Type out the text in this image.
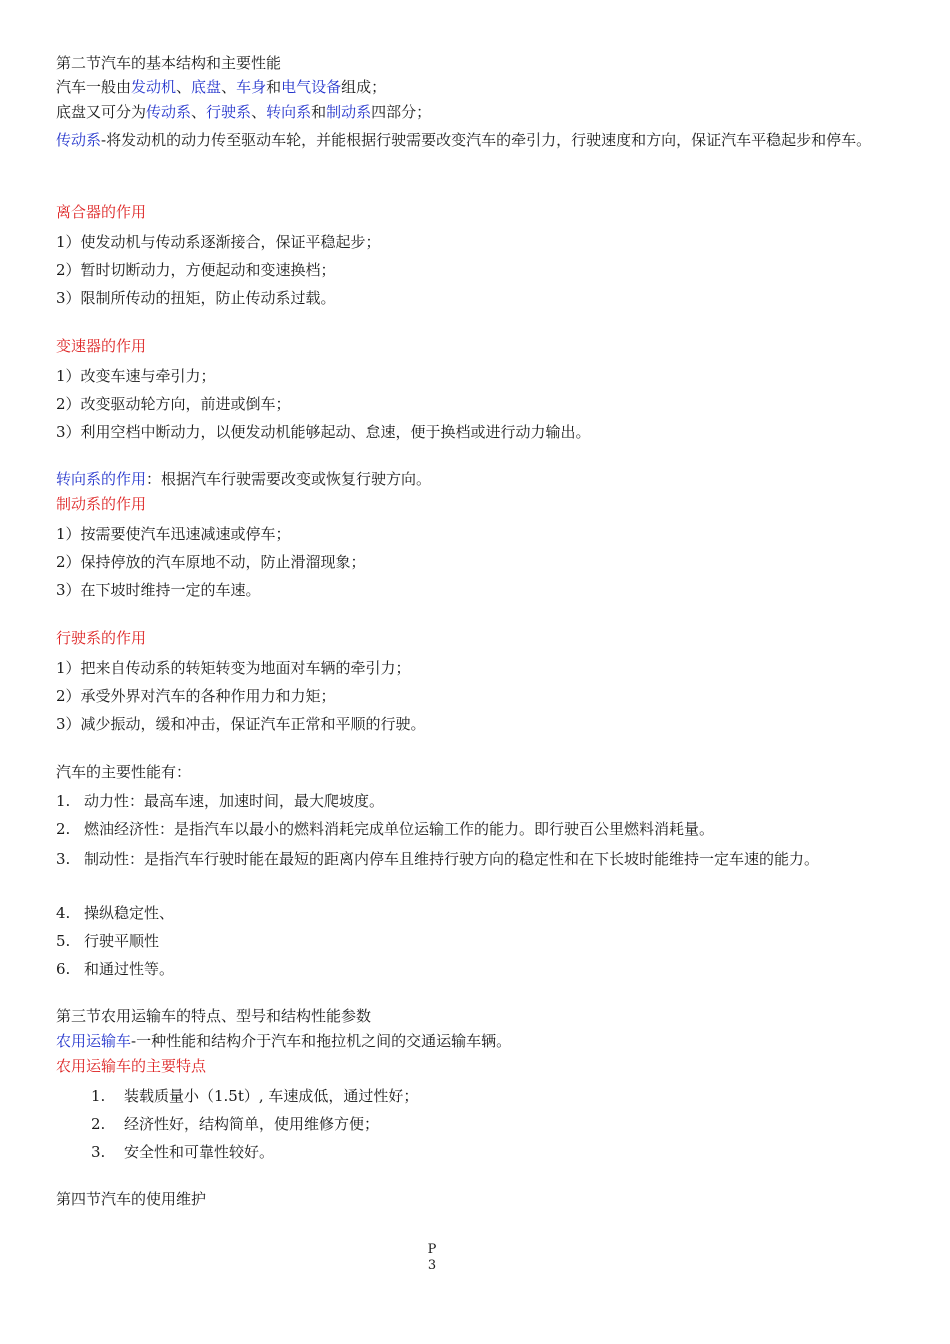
第二节汽车的基本结构和主要性能
汽车一般由发动机、底盘、车身和电气设备组成；
底盘又可分为传动系、行驶系、转向系和制动系四部分；
传动系-将发动机的动力传至驱动车轮，并能根据行驶需要改变汽车的牵引力，行驶速度和方向，保证汽车平稳起步和停车。
离合器的作用
1）使发动机与传动系逐渐接合，保证平稳起步；
2）暂时切断动力，方便起动和变速换档；
3）限制所传动的扭矩，防止传动系过载。
变速器的作用
1）改变车速与牵引力；
2）改变驱动轮方向，前进或倒车；
3）利用空档中断动力，以便发动机能够起动、怠速，便于换档或进行动力输出。
转向系的作用：根据汽车行驶需要改变或恢复行驶方向。
制动系的作用
1）按需要使汽车迅速减速或停车；
2）保持停放的汽车原地不动，防止滑溜现象；
3）在下坡时维持一定的车速。
行驶系的作用
1）把来自传动系的转矩转变为地面对车辆的牵引力；
2）承受外界对汽车的各种作用力和力矩；
3）减少振动，缓和冲击，保证汽车正常和平顺的行驶。
汽车的主要性能有：
1. 动力性：最高车速，加速时间，最大爬坡度。
2. 燃油经济性：是指汽车以最小的燃料消耗完成单位运输工作的能力。即行驶百公里燃料消耗量。
3. 制动性：是指汽车行驶时能在最短的距离内停车且维持行驶方向的稳定性和在下长坡时能维持一定车速的能力。
4. 操纵稳定性、
5. 行驶平顺性
6. 和通过性等。
第三节农用运输车的特点、型号和结构性能参数
农用运输车-一种性能和结构介于汽车和拖拉机之间的交通运输车辆。
农用运输车的主要特点
1. 装载质量小（1.5t）, 车速成低，通过性好；
2. 经济性好，结构简单，使用维修方便；
3. 安全性和可靠性较好。
第四节汽车的使用维护
P
3
